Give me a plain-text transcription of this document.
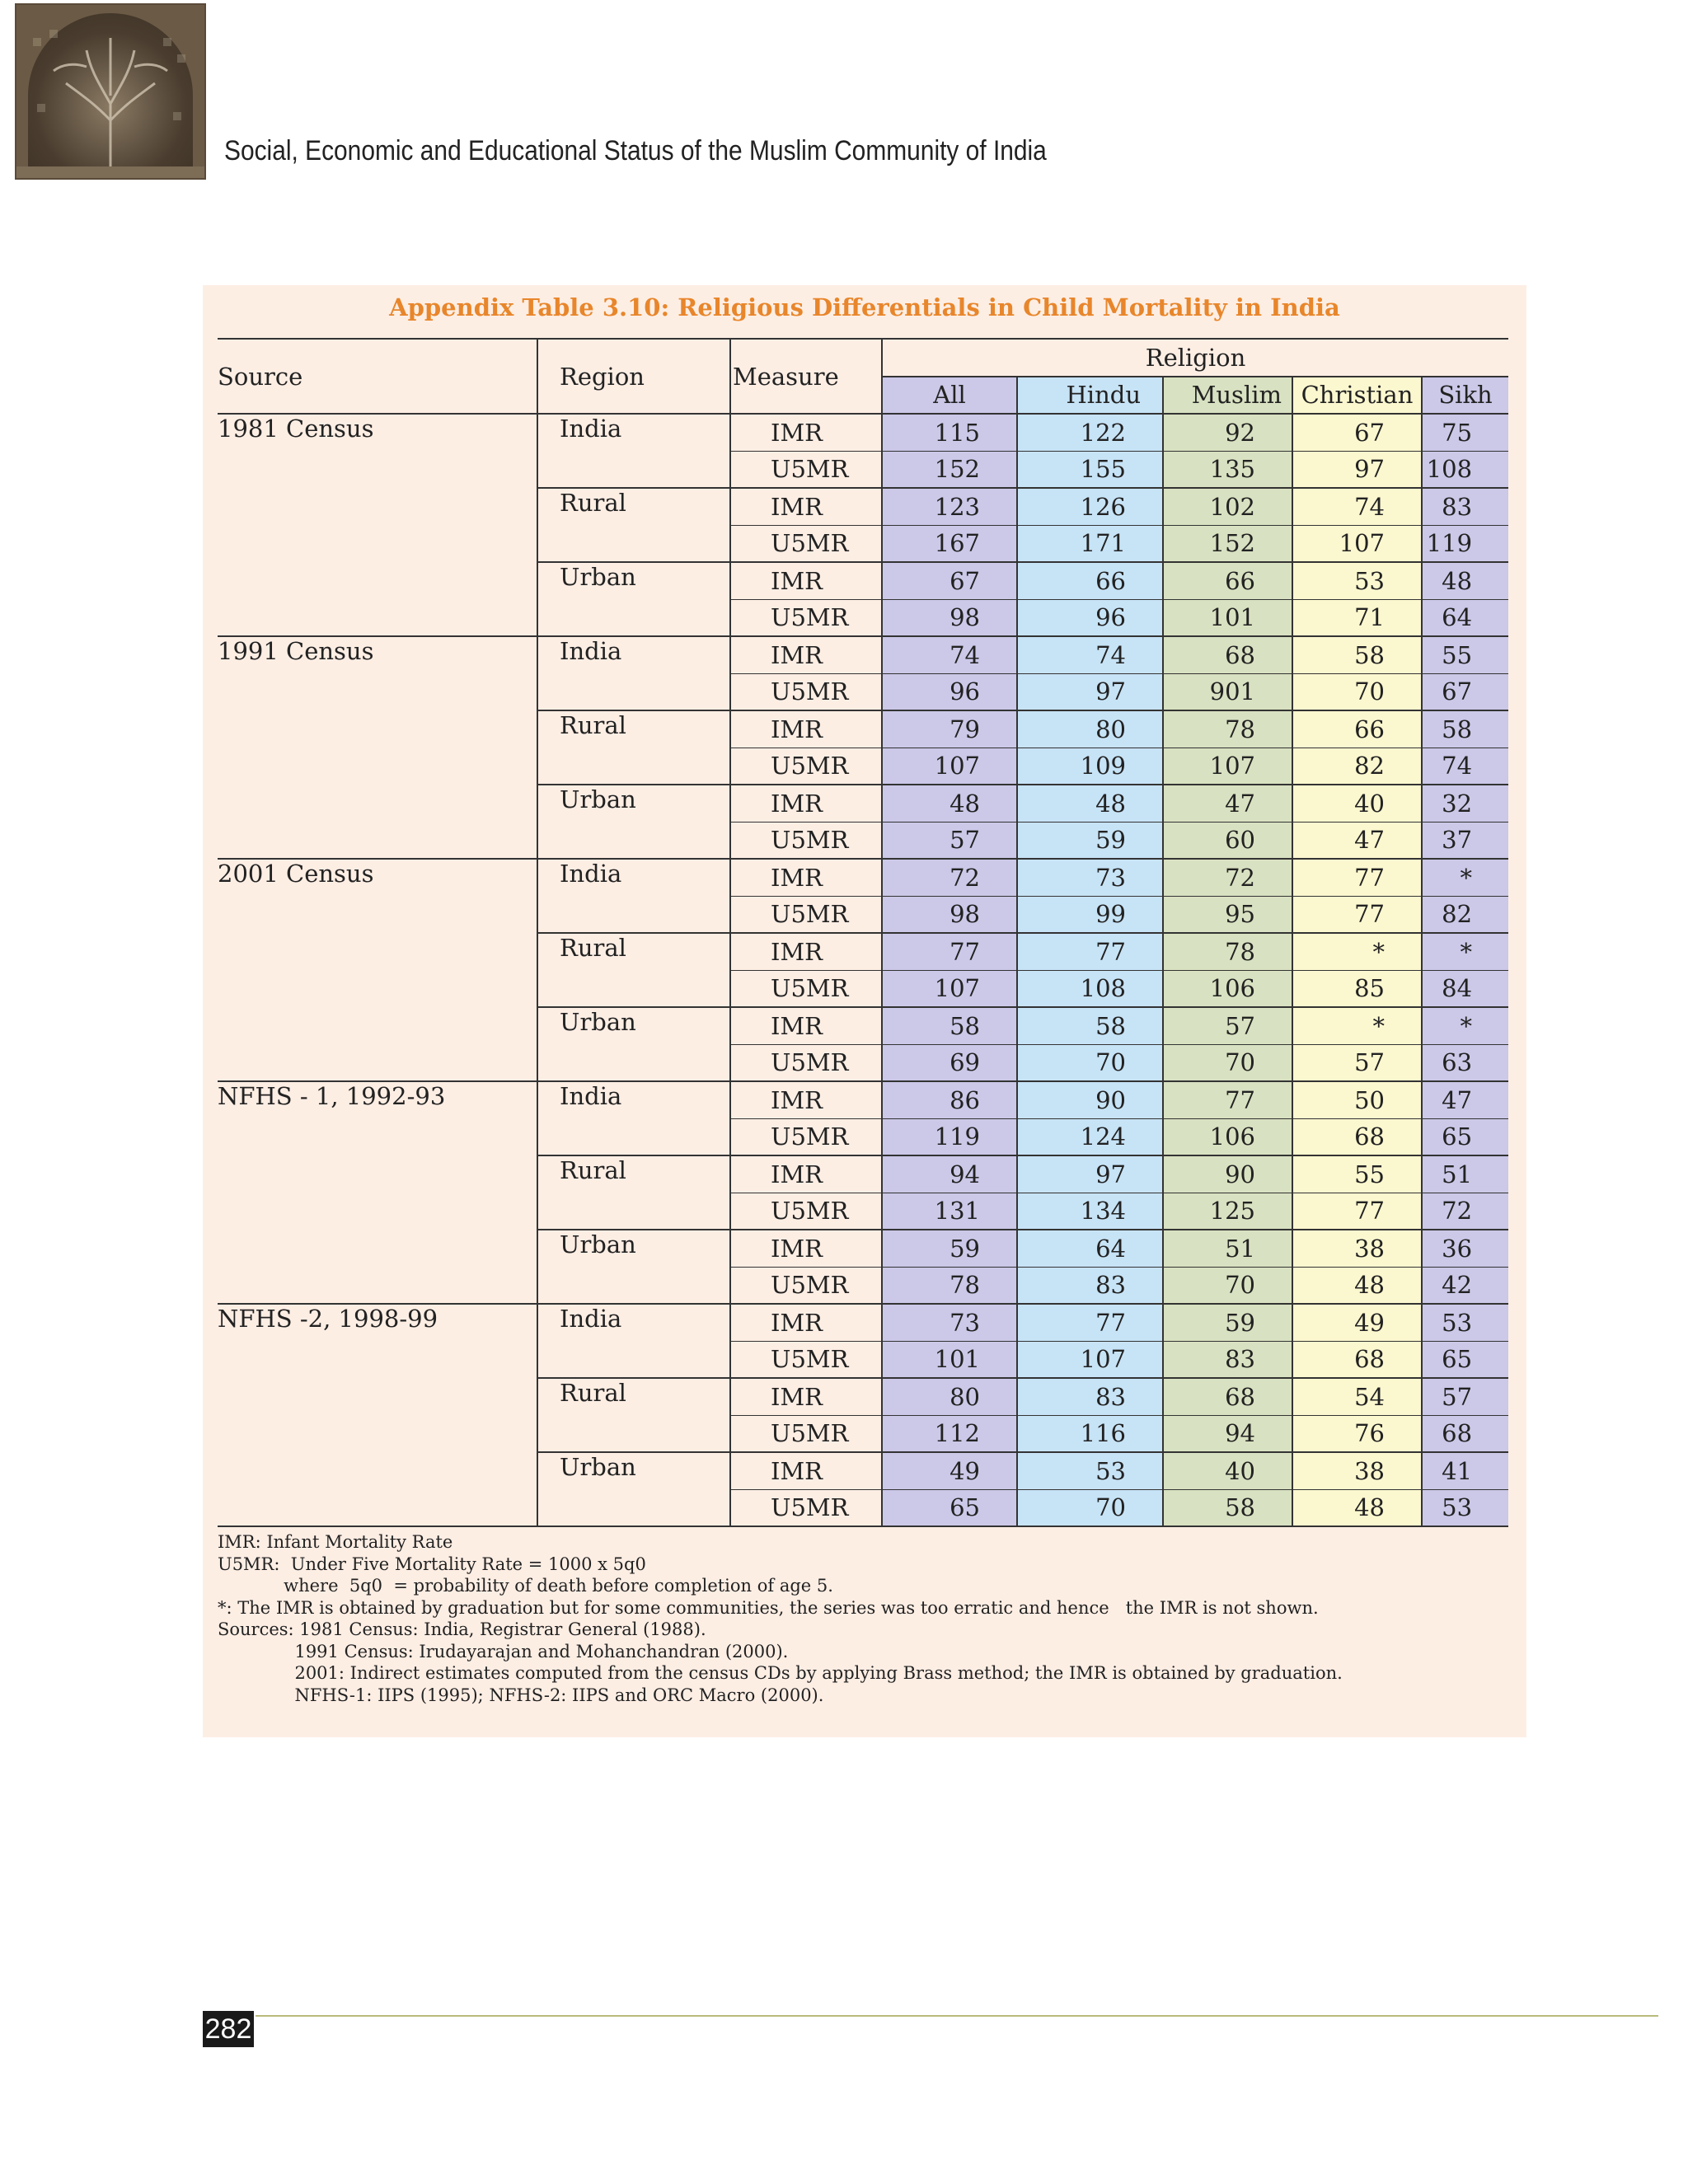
Social, Economic and Educational Status of the Muslim Community of India
Appendix Table 3.10: Religious Differentials in Child Mortality in India
Source	Region	Measure	Religion				
			All	Hindu	Muslim	Christian	Sikh
1981 Census	India	IMR	115	122	92	67	75
		U5MR	152	155	135	97	108
	Rural	IMR	123	126	102	74	83
		U5MR	167	171	152	107	119
	Urban	IMR	67	66	66	53	48
		U5MR	98	96	101	71	64
1991 Census	India	IMR	74	74	68	58	55
		U5MR	96	97	901	70	67
	Rural	IMR	79	80	78	66	58
		U5MR	107	109	107	82	74
	Urban	IMR	48	48	47	40	32
		U5MR	57	59	60	47	37
2001 Census	India	IMR	72	73	72	77	*
		U5MR	98	99	95	77	82
	Rural	IMR	77	77	78	*	*
		U5MR	107	108	106	85	84
	Urban	IMR	58	58	57	*	*
		U5MR	69	70	70	57	63
NFHS - 1, 1992-93	India	IMR	86	90	77	50	47
		U5MR	119	124	106	68	65
	Rural	IMR	94	97	90	55	51
		U5MR	131	134	125	77	72
	Urban	IMR	59	64	51	38	36
		U5MR	78	83	70	48	42
NFHS -2, 1998-99	India	IMR	73	77	59	49	53
		U5MR	101	107	83	68	65
	Rural	IMR	80	83	68	54	57
		U5MR	112	116	94	76	68
	Urban	IMR	49	53	40	38	41
		U5MR	65	70	58	48	53
IMR: Infant Mortality Rate
U5MR:  Under Five Mortality Rate = 1000 x 5q0
where  5q0  = probability of death before completion of age 5.
*: The IMR is obtained by graduation but for some communities, the series was too erratic and hence   the IMR is not shown.
Sources: 1981 Census: India, Registrar General (1988).
1991 Census: Irudayarajan and Mohanchandran (2000).
2001: Indirect estimates computed from the census CDs by applying Brass method; the IMR is obtained by graduation.
NFHS-1: IIPS (1995); NFHS-2: IIPS and ORC Macro (2000).
282
